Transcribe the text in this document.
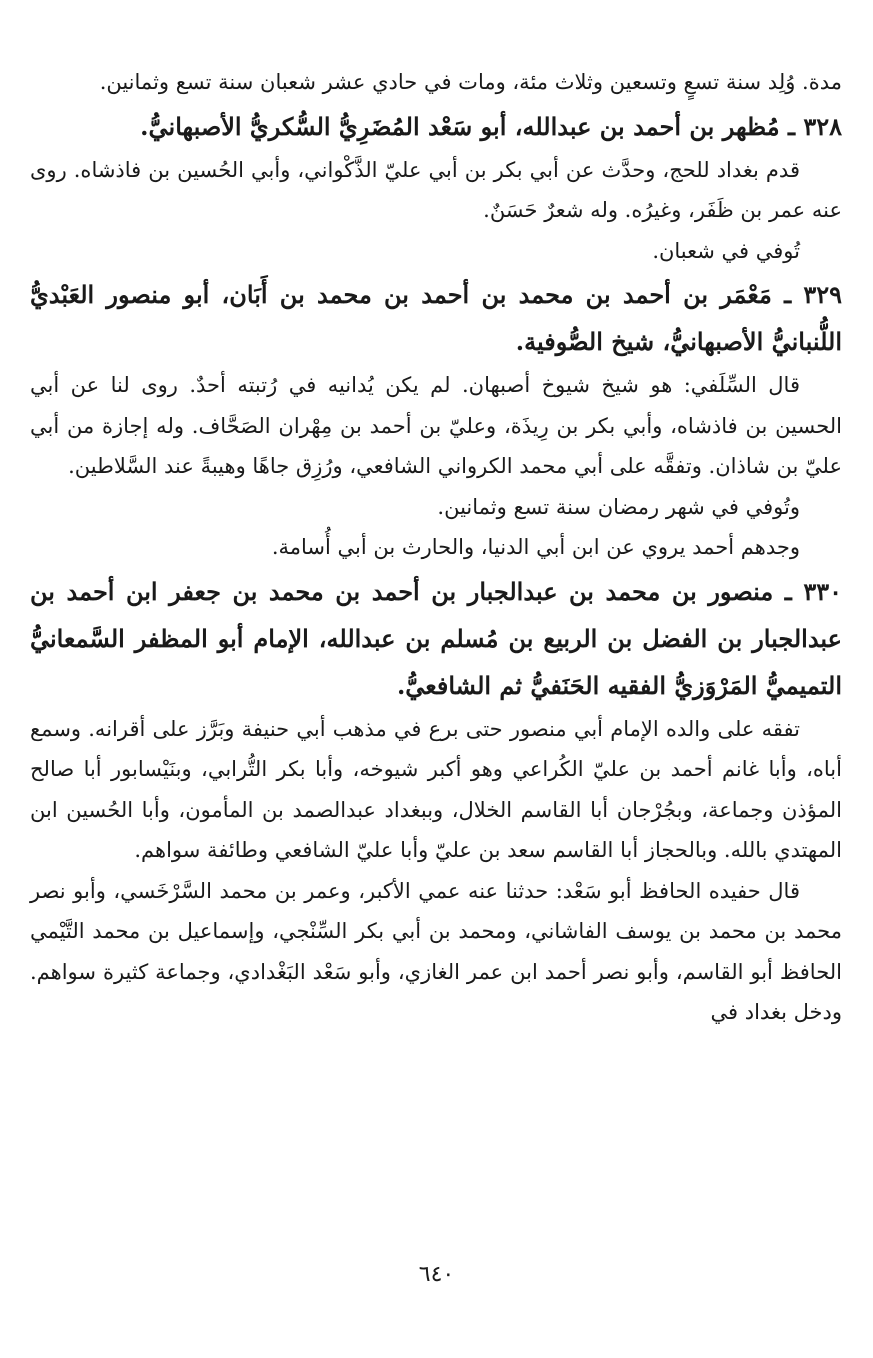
مدة. وُلِد سنة تسعٍ وتسعين وثلاث مئة، ومات في حادي عشر شعبان سنة تسع وثمانين.

٣٢٨ ـ مُظهر بن أحمد بن عبدالله، أبو سَعْد المُضَرِيُّ السُّكريُّ الأصبهانيُّ.

قدم بغداد للحج، وحدَّث عن أبي بكر بن أبي عليّ الذَّكْواني، وأبي الحُسين بن فاذشاه. روى عنه عمر بن ظَفَر، وغيرُه. وله شعرٌ حَسَنٌ.

تُوفي في شعبان.

٣٢٩ ـ مَعْمَر بن أحمد بن محمد بن أحمد بن محمد بن أَبَان، أبو منصور العَبْديُّ اللُّنبانيُّ الأصبهانيُّ، شيخ الصُّوفية.

قال السِّلَفي: هو شيخ شيوخ أصبهان. لم يكن يُدانيه في رُتبته أحدٌ. روى لنا عن أبي الحسين بن فاذشاه، وأبي بكر بن رِيذَة، وعليّ بن أحمد بن مِهْران الصَحَّاف. وله إجازة من أبي عليّ بن شاذان. وتفقَّه على أبي محمد الكرواني الشافعي، ورُزِق جاهًا وهيبةً عند السَّلاطين.

وتُوفي في شهر رمضان سنة تسع وثمانين.

وجدهم أحمد يروي عن ابن أبي الدنيا، والحارث بن أبي أُسامة.

٣٣٠ ـ منصور بن محمد بن عبدالجبار بن أحمد بن محمد بن جعفر ابن أحمد بن عبدالجبار بن الفضل بن الربيع بن مُسلم بن عبدالله، الإمام أبو المظفر السَّمعانيُّ التميميُّ المَرْوَزيُّ الفقيه الحَنَفيُّ ثم الشافعيُّ.

تفقه على والده الإمام أبي منصور حتى برع في مذهب أبي حنيفة وبَرَّز على أقرانه. وسمع أباه، وأبا غانم أحمد بن عليّ الكُراعي وهو أكبر شيوخه، وأبا بكر التُّرابي، وبنَيْسابور أبا صالح المؤذن وجماعة، وبجُرْجان أبا القاسم الخلال، وببغداد عبدالصمد بن المأمون، وأبا الحُسين ابن المهتدي بالله. وبالحجاز أبا القاسم سعد بن عليّ وأبا عليّ الشافعي وطائفة سواهم.

قال حفيده الحافظ أبو سَعْد: حدثنا عنه عمي الأكبر، وعمر بن محمد السَّرْخَسي، وأبو نصر محمد بن محمد بن يوسف الفاشاني، ومحمد بن أبي بكر السِّنْجي، وإسماعيل بن محمد التَّيْمي الحافظ أبو القاسم، وأبو نصر أحمد ابن عمر الغازي، وأبو سَعْد البَغْدادي، وجماعة كثيرة سواهم. ودخل بغداد في

٦٤٠
